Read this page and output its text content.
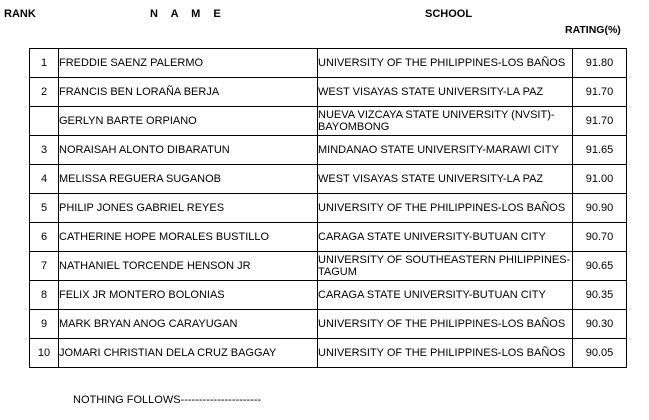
RANK	N A M E	SCHOOL
RATING(%)
1	FREDDIE SAENZ PALERMO	UNIVERSITY OF THE PHILIPPINES-LOS BAÑOS	91.80
2	FRANCIS BEN LORAÑA BERJA	WEST VISAYAS STATE UNIVERSITY-LA PAZ	91.70
	GERLYN BARTE ORPIANO	NUEVA VIZCAYA STATE UNIVERSITY (NVSIT)-BAYOMBONG	91.70
3	NORAISAH ALONTO DIBARATUN	MINDANAO STATE UNIVERSITY-MARAWI CITY	91.65
4	MELISSA REGUERA SUGANOB	WEST VISAYAS STATE UNIVERSITY-LA PAZ	91.00
5	PHILIP JONES GABRIEL REYES	UNIVERSITY OF THE PHILIPPINES-LOS BAÑOS	90.90
6	CATHERINE HOPE MORALES BUSTILLO	CARAGA STATE UNIVERSITY-BUTUAN CITY	90.70
7	NATHANIEL TORCENDE HENSON JR	UNIVERSITY OF SOUTHEASTERN PHILIPPINES-TAGUM	90.65
8	FELIX JR MONTERO BOLONIAS	CARAGA STATE UNIVERSITY-BUTUAN CITY	90.35
9	MARK BRYAN ANOG CARAYUGAN	UNIVERSITY OF THE PHILIPPINES-LOS BAÑOS	90.30
10	JOMARI CHRISTIAN DELA CRUZ BAGGAY	UNIVERSITY OF THE PHILIPPINES-LOS BAÑOS	90.05
NOTHING FOLLOWS----------------------
